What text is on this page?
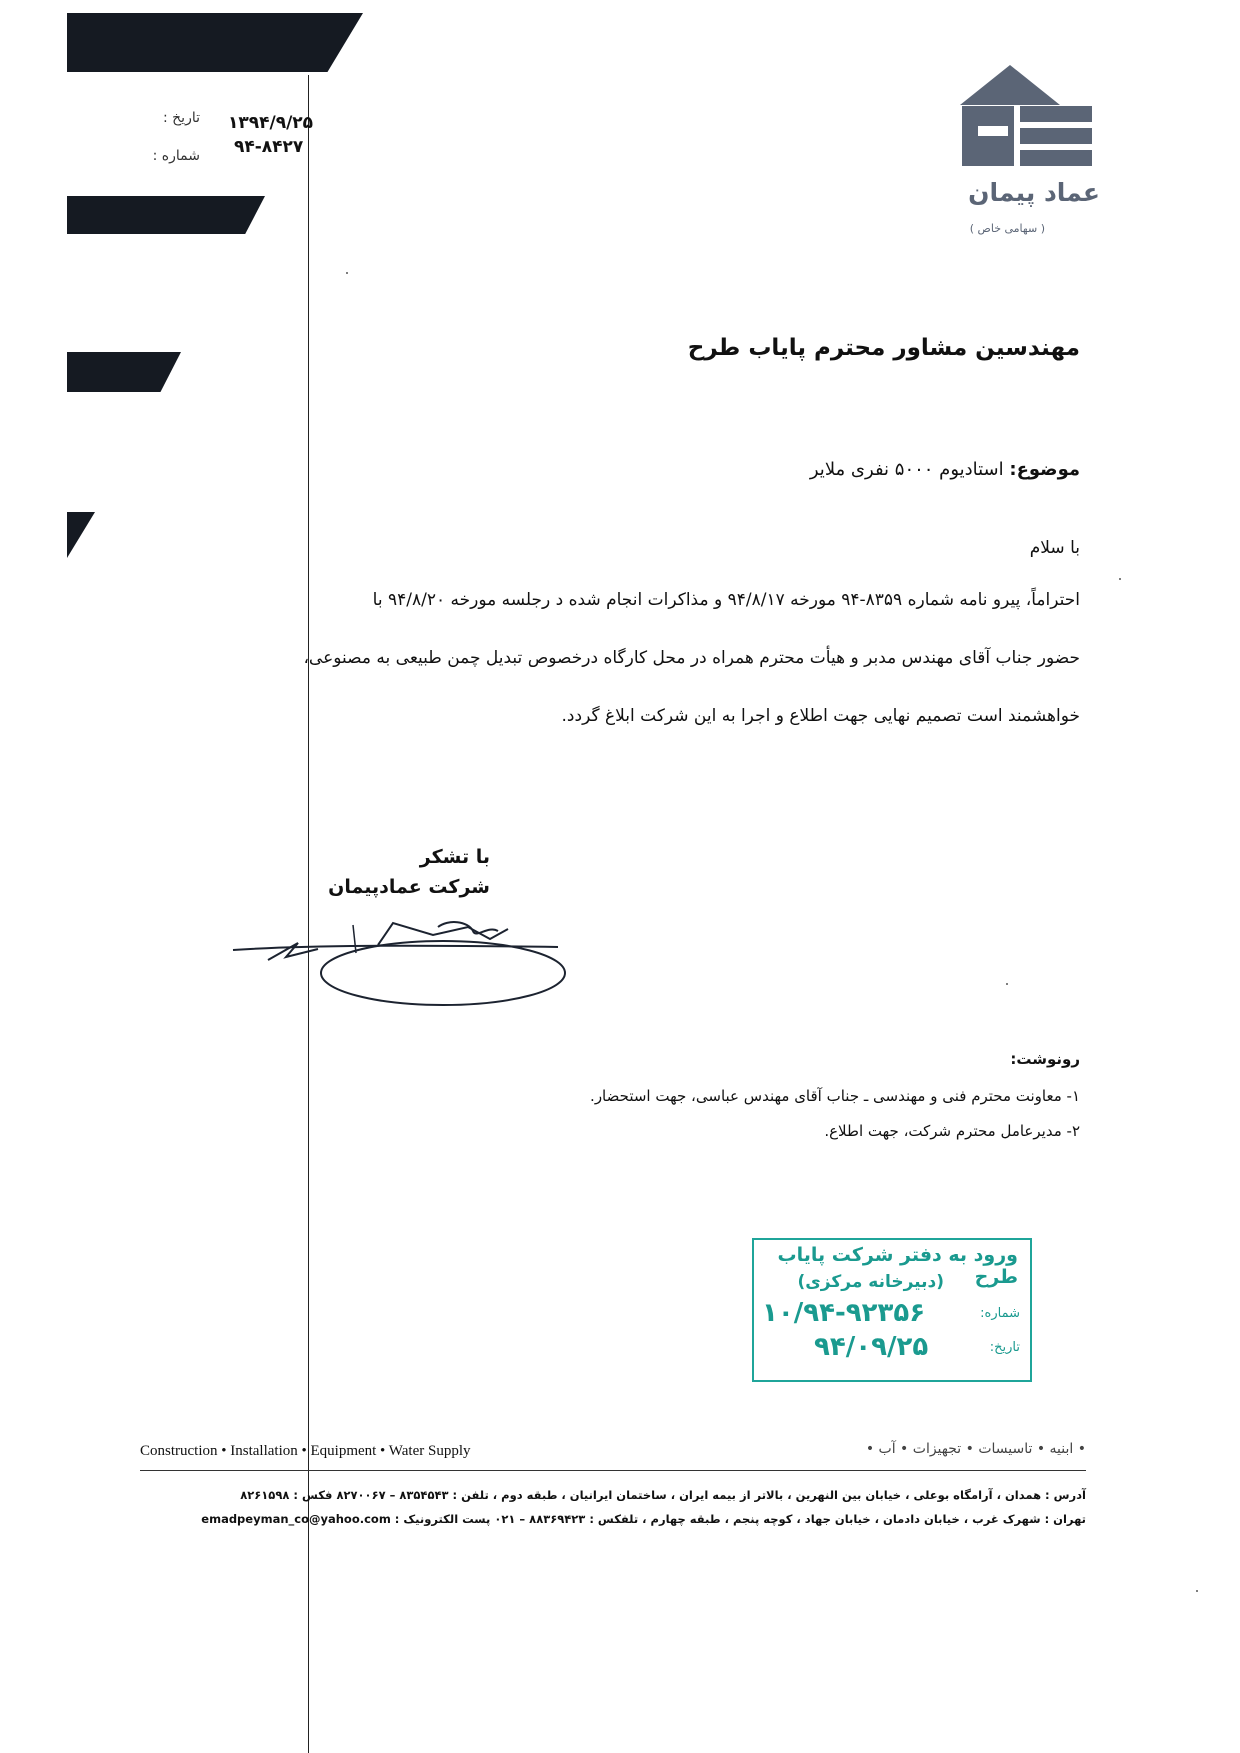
۱۳۹۴/۹/۲۵
تاریخ :
۹۴-۸۴۲۷
شماره :
عماد پیمان
( سهامی خاص )
مهندسین مشاور محترم پایاب طرح
موضوع: استادیوم ۵۰۰۰ نفری ملایر
با سلام
احتراماً، پیرو نامه شماره ۸۳۵۹-۹۴ مورخه ۹۴/۸/۱۷ و مذاکرات انجام شده د رجلسه مورخه ۹۴/۸/۲۰ با
حضور جناب آقای مهندس مدبر و هیأت محترم همراه در محل کارگاه درخصوص تبدیل چمن طبیعی به مصنوعی،
خواهشمند است تصمیم نهایی جهت اطلاع و اجرا به این شرکت ابلاغ گردد.
با تشکر
شرکت عمادپیمان
رونوشت:
۱- معاونت محترم فنی و مهندسی ـ جناب آقای مهندس عباسی، جهت استحضار.
۲- مدیرعامل محترم شرکت، جهت اطلاع.
ورود به دفتر شرکت پایاب طرح
(دبیرخانه مرکزی)
شماره:
۱۰/۹۴-۹۲۳۵۶
تاریخ:
۹۴/۰۹/۲۵
Construction • Installation • Equipment • Water Supply	• ابنیه • تاسیسات • تجهیزات • آب •
آدرس : همدان ، آرامگاه بوعلی ، خیابان بین النهرین ، بالاتر از بیمه ایران ، ساختمان ایرانیان ، طبقه دوم ، تلفن : ۸۳۵۴۵۴۳ – ۸۲۷۰۰۶۷ فکس : ۸۲۶۱۵۹۸
تهران : شهرک غرب ، خیابان دادمان ، خیابان جهاد ، کوچه پنجم ، طبقه چهارم ، تلفکس : ۸۸۳۶۹۴۲۳ – ۰۲۱ پست الکترونیک : emadpeyman_co@yahoo.com
